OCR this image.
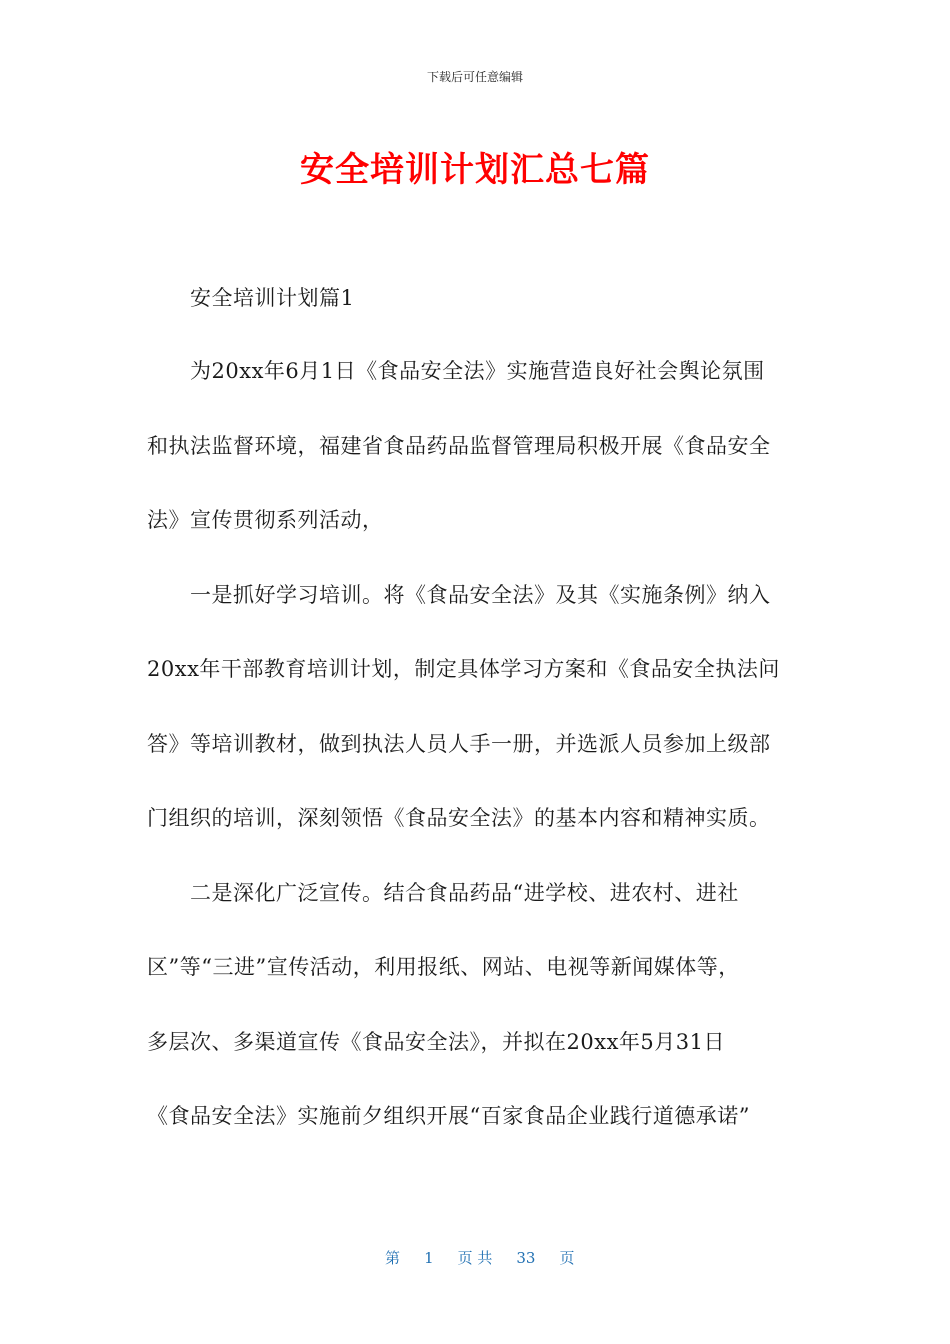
下载后可任意编辑
安全培训计划汇总七篇
安全培训计划篇1
为20xx年6月1日《食品安全法》实施营造良好社会舆论氛围
和执法监督环境，福建省食品药品监督管理局积极开展《食品安全
法》宣传贯彻系列活动，
一是抓好学习培训。将《食品安全法》及其《实施条例》纳入
20xx年干部教育培训计划，制定具体学习方案和《食品安全执法问
答》等培训教材，做到执法人员人手一册，并选派人员参加上级部
门组织的培训，深刻领悟《食品安全法》的基本内容和精神实质。
二是深化广泛宣传。结合食品药品“进学校、进农村、进社
区”等“三进”宣传活动，利用报纸、网站、电视等新闻媒体等，
多层次、多渠道宣传《食品安全法》，并拟在20xx年5月31日
《食品安全法》实施前夕组织开展“百家食品企业践行道德承诺”

第 1 页 共 33 页
